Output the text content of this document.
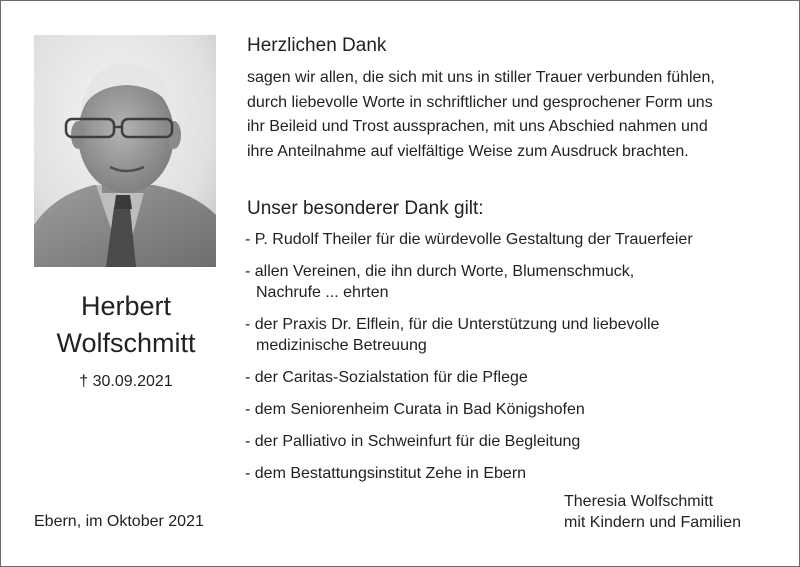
Herbert
Wolfschmitt
† 30.09.2021
Herzlichen Dank
sagen wir allen, die sich mit uns in stiller Trauer verbunden fühlen,
durch liebevolle Worte in schriftlicher und gesprochener Form uns
ihr Beileid und Trost aussprachen, mit uns Abschied nahmen und
ihre Anteilnahme auf vielfältige Weise zum Ausdruck brachten.
Unser besonderer Dank gilt:
- P. Rudolf Theiler für die würdevolle Gestaltung der Trauerfeier
- allen Vereinen, die ihn durch Worte, Blumenschmuck,
Nachrufe ... ehrten
- der Praxis Dr. Elflein, für die Unterstützung und liebevolle
medizinische Betreuung
- der Caritas-Sozialstation für die Pflege
- dem Seniorenheim Curata in Bad Königshofen
- der Palliativo in Schweinfurt für die Begleitung
- dem Bestattungsinstitut Zehe in Ebern
Ebern, im Oktober 2021
Theresia Wolfschmitt
mit Kindern und Familien
